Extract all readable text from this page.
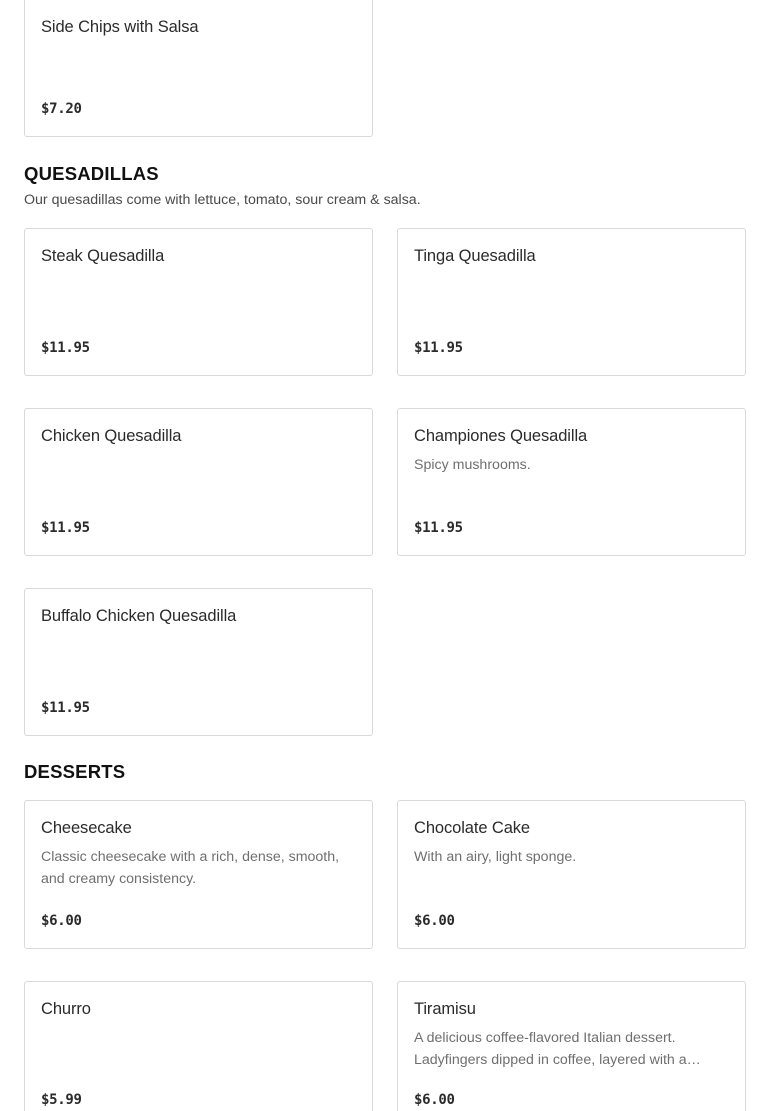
Side Chips with Salsa
$7.20
QUESADILLAS

Our quesadillas come with lettuce, tomato, sour cream & salsa.

Steak Quesadilla
$11.95
Tinga Quesadilla
$11.95
Chicken Quesadilla
$11.95
Championes Quesadilla
Spicy mushrooms.
$11.95
Buffalo Chicken Quesadilla
$11.95
DESSERTS
Cheesecake
Classic cheesecake with a rich, dense, smooth, and creamy consistency.
$6.00
Chocolate Cake
With an airy, light sponge.
$6.00
Churro
$5.99
Tiramisu
A delicious coffee-flavored Italian dessert. Ladyfingers dipped in coffee, layered with a…
$6.00
